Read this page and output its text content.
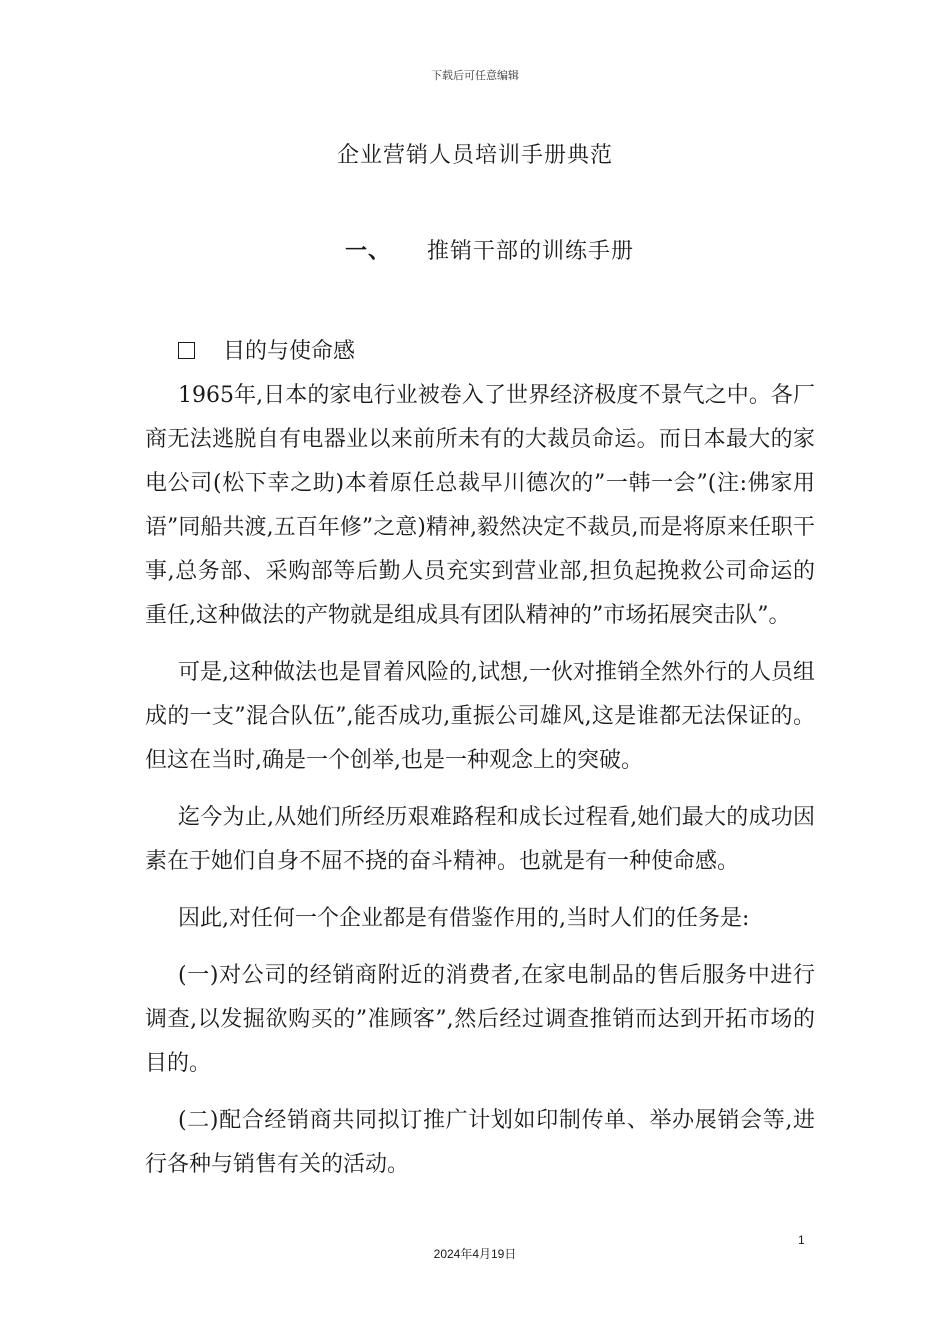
下载后可任意编辑
企业营销人员培训手册典范
一、 推销干部的训练手册
目的与使命感

1965年,日本的家电行业被卷入了世界经济极度不景气之中。各厂商无法逃脱自有电器业以来前所未有的大裁员命运。而日本最大的家电公司(松下幸之助)本着原任总裁早川德次的”一韩一会”(注:佛家用语”同船共渡,五百年修”之意)精神,毅然决定不裁员,而是将原来任职干事,总务部、采购部等后勤人员充实到营业部,担负起挽救公司命运的重任,这种做法的产物就是组成具有团队精神的”市场拓展突击队”。

可是,这种做法也是冒着风险的,试想,一伙对推销全然外行的人员组成的一支”混合队伍”,能否成功,重振公司雄风,这是谁都无法保证的。但这在当时,确是一个创举,也是一种观念上的突破。

迄今为止,从她们所经历艰难路程和成长过程看,她们最大的成功因素在于她们自身不屈不挠的奋斗精神。也就是有一种使命感。

因此,对任何一个企业都是有借鉴作用的,当时人们的任务是:

(一)对公司的经销商附近的消费者,在家电制品的售后服务中进行调查,以发掘欲购买的”准顾客”,然后经过调查推销而达到开拓市场的目的。

(二)配合经销商共同拟订推广计划如印制传单、举办展销会等,进行各种与销售有关的活动。

1
2024年4月19日
